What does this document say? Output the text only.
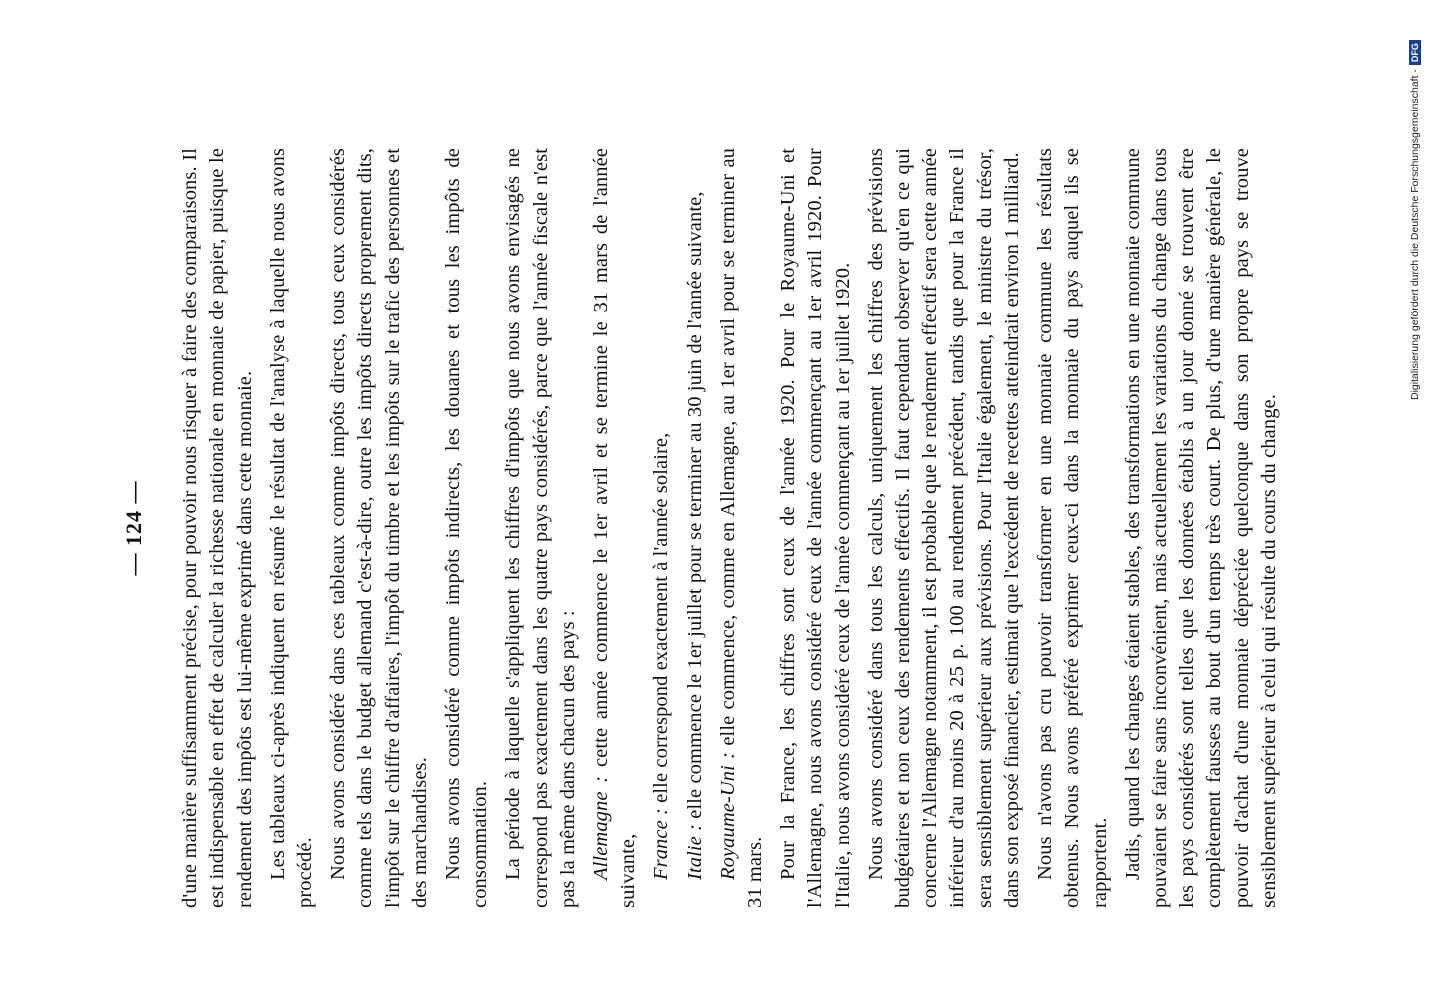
— 124 — d'une manière suffisamment précise, pour pouvoir nous risquer à faire des comparaisons. Il est indispensable en effet de calculer la richesse nationale en monnaie de papier, puisque le rendement des impôts est lui-même exprimé dans cette monnaie. Les tableaux ci-après indiquent en résumé le résultat de l'analyse à laquelle nous avons procédé. Nous avons considéré dans ces tableaux comme impôts directs, tous ceux considérés comme tels dans le budget allemand c'est-à-dire, outre les impôts directs proprement dits, l'impôt sur le chiffre d'affaires, l'impôt du timbre et les impôts sur le trafic des personnes et des marchandises. Nous avons considéré comme impôts indirects, les douanes et tous les impôts de consommation. La période à laquelle s'appliquent les chiffres d'impôts que nous avons envisagés ne correspond pas exactement dans les quatre pays considérés, parce que l'année fiscale n'est pas la même dans chacun des pays : Allemagne : cette année commence le 1er avril et se termine le 31 mars de l'année suivante, France : elle correspond exactement à l'année solaire,

Italie : elle commence le 1er juillet pour se terminer au 30 juin de l'année suivante, Royaume-Uni : elle commence, comme en Allemagne, au 1er avril pour se terminer au 31 mars. Pour la France, les chiffres sont ceux de l'année 1920. Pour le Royaume-Uni et l'Allemagne, nous avons considéré ceux de l'année commençant au 1er avril 1920. Pour l'Italie, nous avons considéré ceux de l'année commençant au 1er juillet 1920. Nous avons considéré dans tous les calculs, uniquement les chiffres des prévisions budgétaires et non ceux des rendements effectifs. Il faut cependant observer qu'en ce qui concerne l'Allemagne notamment, il est probable que le rendement effectif sera cette année inférieur d'au moins 20 à 25 p. 100 au rendement précédent, tandis que pour la France il sera sensiblement supérieur aux prévisions. Pour l'Italie également, le ministre du trésor, dans son exposé financier, estimait que l'excédent de recettes atteindrait environ 1 milliard. Nous n'avons pas cru pouvoir transformer en une monnaie commune les résultats obtenus. Nous avons préféré exprimer ceux-ci dans la monnaie du pays auquel ils se rapportent. Jadis, quand les changes étaient stables, des transformations en une monnaie commune pouvaient se faire sans inconvénient, mais actuellement les variations du change dans tous les pays considérés sont telles que les données établis à un jour donné se trouvent être complètement fausses au bout d'un temps très court. De plus, d'une manière générale, le pouvoir d'achat d'une monnaie dépréciée quelconque dans son propre pays se trouve sensiblement supérieur à celui qui résulte du cours du change.

Digitalisierung gefördert durch die Deutsche Forschungsgemeinschaft -DFG
